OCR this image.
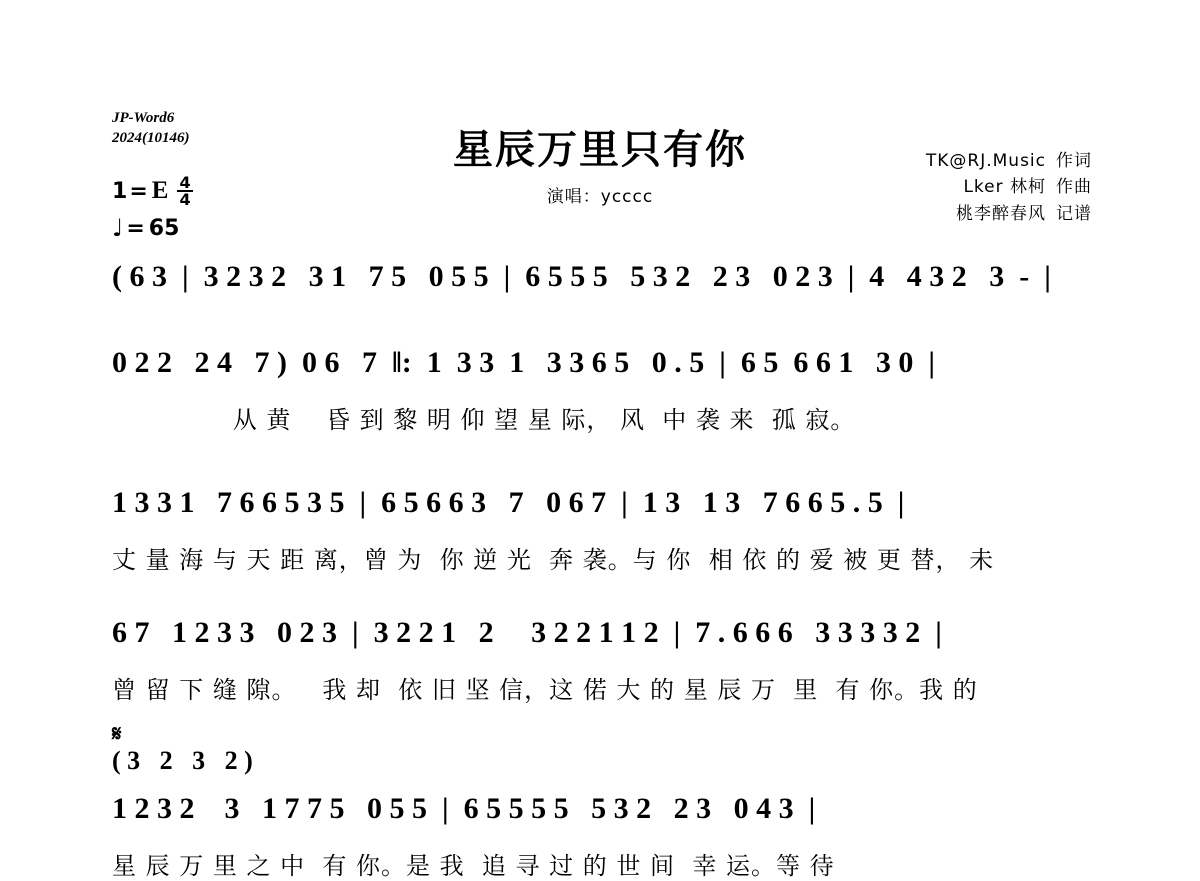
JP-Word6
2024(10146)	星辰万里只有你
演唱：ycccc
TK@RJ.Music 作词
Lker 林柯 作曲
桃李醉春风 记谱
1 = E 4
4
♩ = 65
( 6 3  |  3 2 3 2   3 1   7 5   0 5 5  |  6 5 5 5   5 3 2   2 3   0 2 3  |  4   4 3 2   3  -  |
0 2 2   2 4   7 )  0 6   7  ‖:  1  3 3  1   3 3 6 5   0 . 5  |  6 5  6 6 1   3 0  |
从 黄    昏 到 黎 明 仰 望 星 际， 风  中 袭 来  孤 寂。
1 3 3 1   7 6 6 5 3 5  |  6 5 6 6 3   7   0 6 7  |  1 3   1 3   7 6 6 5 . 5  |
丈 量 海 与 天 距 离，曾 为  你 逆 光  奔 袭。与 你  相 依 的 爱 被 更 替， 未
6 7   1 2 3 3   0 2 3  |  3 2 2 1   2     3 2 2 1 1 2  |  7 . 6 6 6   3 3 3 3 2  |
曾 留 下 缝 隙。   我 却  依 旧 坚 信，这 偌 大 的 星 辰 万  里  有 你。我 的
𝄋
( 3   2   3   2 )
1 2 3 2    3   1 7 7 5   0 5 5  |  6 5 5 5 5   5 3 2   2 3   0 4 3  |
星 辰 万 里 之 中  有 你。是 我  追 寻 过 的 世 间  幸 运。等 待
